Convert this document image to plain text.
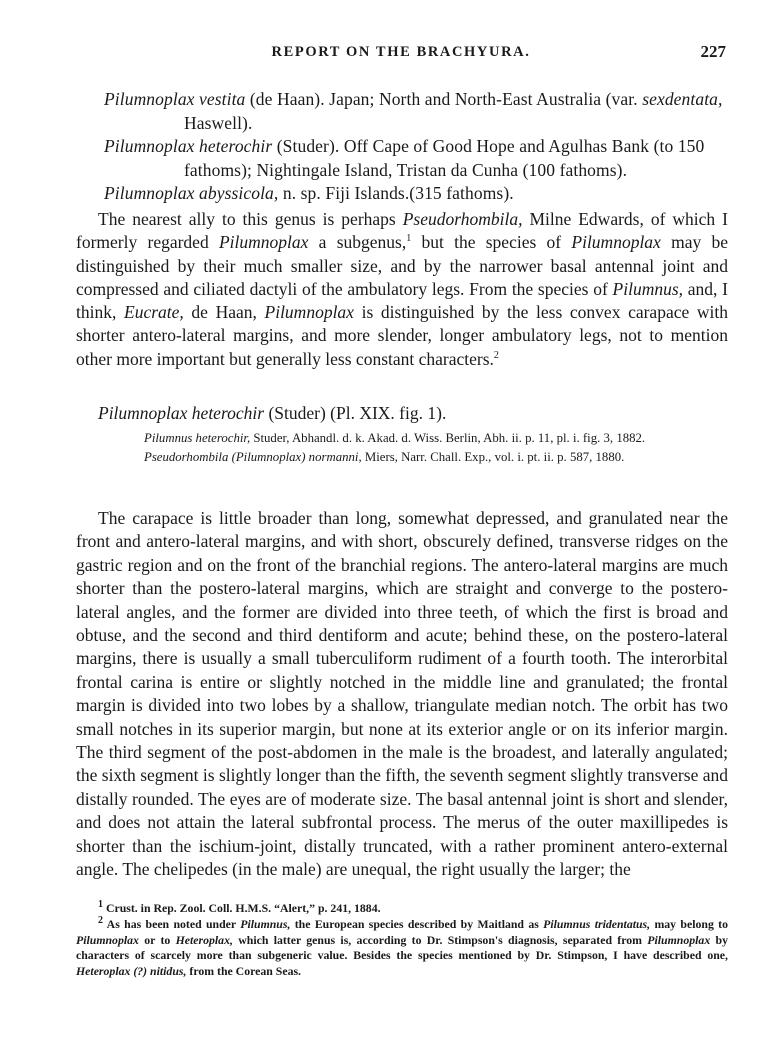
REPORT ON THE BRACHYURA.	227

Pilumnoplax vestita (de Haan). Japan; North and North-East Australia (var. sexdentata, Haswell).

Pilumnoplax heterochir (Studer). Off Cape of Good Hope and Agulhas Bank (to 150 fathoms); Nightingale Island, Tristan da Cunha (100 fathoms).

Pilumnoplax abyssicola, n. sp. Fiji Islands.(315 fathoms).

The nearest ally to this genus is perhaps Pseudorhombila, Milne Edwards, of which I formerly regarded Pilumnoplax a subgenus,$^1$ but the species of Pilumnoplax may be distinguished by their much smaller size, and by the narrower basal antennal joint and compressed and ciliated dactyli of the ambulatory legs. From the species of Pilumnus, and, I think, Eucrate, de Haan, Pilumnoplax is distinguished by the less convex carapace with shorter antero-lateral margins, and more slender, longer ambulatory legs, not to mention other more important but generally less constant characters.$^2$

Pilumnoplax heterochir (Studer) (Pl. XIX. fig. 1).

Pilumnus heterochir, Studer, Abhandl. d. k. Akad. d. Wiss. Berlin, Abh. ii. p. 11, pl. i. fig. 3, 1882.

Pseudorhombila (Pilumnoplax) normanni, Miers, Narr. Chall. Exp., vol. i. pt. ii. p. 587, 1880.

The carapace is little broader than long, somewhat depressed, and granulated near the front and antero-lateral margins, and with short, obscurely defined, transverse ridges on the gastric region and on the front of the branchial regions. The antero-lateral margins are much shorter than the postero-lateral margins, which are straight and converge to the postero-lateral angles, and the former are divided into three teeth, of which the first is broad and obtuse, and the second and third dentiform and acute; behind these, on the postero-lateral margins, there is usually a small tuberculiform rudiment of a fourth tooth. The interorbital frontal carina is entire or slightly notched in the middle line and granulated; the frontal margin is divided into two lobes by a shallow, triangulate median notch. The orbit has two small notches in its superior margin, but none at its exterior angle or on its inferior margin. The third segment of the post-abdomen in the male is the broadest, and laterally angulated; the sixth segment is slightly longer than the fifth, the seventh segment slightly transverse and distally rounded. The eyes are of moderate size. The basal antennal joint is short and slender, and does not attain the lateral subfrontal process. The merus of the outer maxillipedes is shorter than the ischium-joint, distally truncated, with a rather prominent antero-external angle. The chelipedes (in the male) are unequal, the right usually the larger; the

$^1$ Crust. in Rep. Zool. Coll. H.M.S. “Alert,” p. 241, 1884.

$^2$ As has been noted under Pilumnus, the European species described by Maitland as Pilumnus tridentatus, may belong to Pilumnoplax or to Heteroplax, which latter genus is, according to Dr. Stimpson's diagnosis, separated from Pilumnoplax by characters of scarcely more than subgeneric value. Besides the species mentioned by Dr. Stimpson, I have described one, Heteroplax (?) nitidus, from the Corean Seas.
